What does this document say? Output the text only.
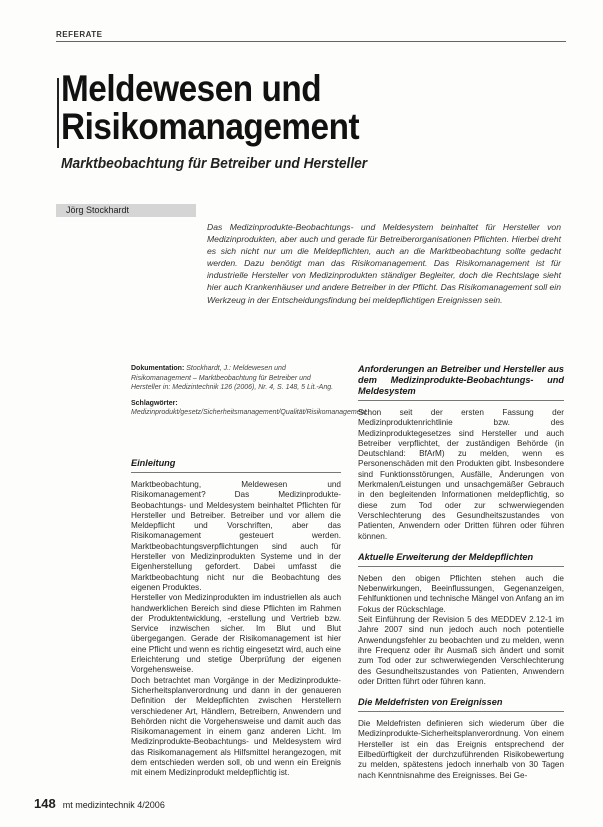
REFERATE
Meldewesen und
Risikomanagement
Marktbeobachtung für Betreiber und Hersteller
Jörg Stockhardt
Das Medizinprodukte-Beobachtungs- und Meldesystem beinhaltet für Hersteller von Medizinprodukten, aber auch und gerade für Betreiberorganisationen Pflichten. Hierbei dreht es sich nicht nur um die Meldepflichten, auch an die Marktbeobachtung sollte gedacht werden. Dazu benötigt man das Risikomanagement. Das Risikomanagement ist für industrielle Hersteller von Medizinprodukten ständiger Begleiter, doch die Rechtslage sieht hier auch Krankenhäuser und andere Betreiber in der Pflicht. Das Risikomanagement soll ein Werkzeug in der Entscheidungsfindung bei meldepflichtigen Ereignissen sein.

Dokumentation: Stockhardt, J.: Meldewesen und Risikomanagement – Marktbeobachtung für Betreiber und Hersteller in: Medizintechnik 126 (2006), Nr. 4, S. 148, 5 Lit.-Ang.

Schlagwörter: Medizinprodukt/gesetz/Sicherheitsmanagement/Qualität/Risikomanagement

Einleitung

Marktbeobachtung, Meldewesen und Risikomanagement? Das Medizinprodukte-Beobachtungs- und Meldesystem beinhaltet Pflichten für Hersteller und Betreiber. Betreiber und vor allem die Meldepflicht und Vorschriften, aber das Risikomanagement gesteuert werden. Marktbeobachtungsverpflichtungen sind auch für Hersteller von Medizinprodukten Systeme und in der Eigenherstellung gefordert. Dabei umfasst die Marktbeobachtung nicht nur die Beobachtung des eigenen Produktes.

Hersteller von Medizinprodukten im industriellen als auch handwerklichen Bereich sind diese Pflichten im Rahmen der Produktentwicklung, -erstellung und Vertrieb bzw. Service inzwischen sicher. Im Blut und Blut übergegangen. Gerade der Risikomanagement ist hier eine Pflicht und wenn es richtig eingesetzt wird, auch eine Erleichterung und stetige Überprüfung der eigenen Vorgehensweise.

Doch betrachtet man Vorgänge in der Medizinprodukte-Sicherheitsplanverordnung und dann in der genaueren Definition der Meldepflichten zwischen Herstellern verschiedener Art, Händlern, Betreibern, Anwendern und Behörden nicht die Vorgehensweise und damit auch das Risikomanagement in einem ganz anderen Licht. Im Medizinprodukte-Beobachtungs- und Meldesystem wird das Risikomanagement als Hilfsmittel herangezogen, mit dem entschieden werden soll, ob und wenn ein Ereignis mit einem Medizinprodukt meldepflichtig ist.

Anforderungen an Betreiber und Hersteller aus dem Medizinprodukte-Beobachtungs- und Meldesystem

Schon seit der ersten Fassung der Medizinproduktenrichtlinie bzw. des Medizinproduktegesetzes sind Hersteller und auch Betreiber verpflichtet, der zuständigen Behörde (in Deutschland: BfArM) zu melden, wenn es Personenschäden mit den Produkten gibt. Insbesondere sind Funktionsstörungen, Ausfälle, Änderungen von Merkmalen/Leistungen und unsachgemäßer Gebrauch in den begleitenden Informationen meldepflichtig, so diese zum Tod oder zur schwerwiegenden Verschlechterung des Gesundheitszustandes von Patienten, Anwendern oder Dritten führen oder führen können.

Aktuelle Erweiterung der Meldepflichten

Neben den obigen Pflichten stehen auch die Nebenwirkungen, Beeinflussungen, Gegenanzeigen, Fehlfunktionen und technische Mängel von Anfang an im Fokus der Rückschlage.

Seit Einführung der Revision 5 des MEDDEV 2.12-1 im Jahre 2007 sind nun jedoch auch noch potentielle Anwendungsfehler zu beobachten und zu melden, wenn ihre Frequenz oder ihr Ausmaß sich ändert und somit zum Tod oder zur schwerwiegenden Verschlechterung des Gesundheitszustandes von Patienten, Anwendern oder Dritten führt oder führen kann.

Die Meldefristen von Ereignissen

Die Meldefristen definieren sich wiederum über die Medizinprodukte-Sicherheitsplanverordnung. Von einem Hersteller ist ein das Ereignis entsprechend der Eilbedürftigkeit der durchzuführenden Risikobewertung zu melden, spätestens jedoch innerhalb von 30 Tagen nach Kenntnisnahme des Ereignisses. Bei Ge-

148 mt medizintechnik 4/2006
